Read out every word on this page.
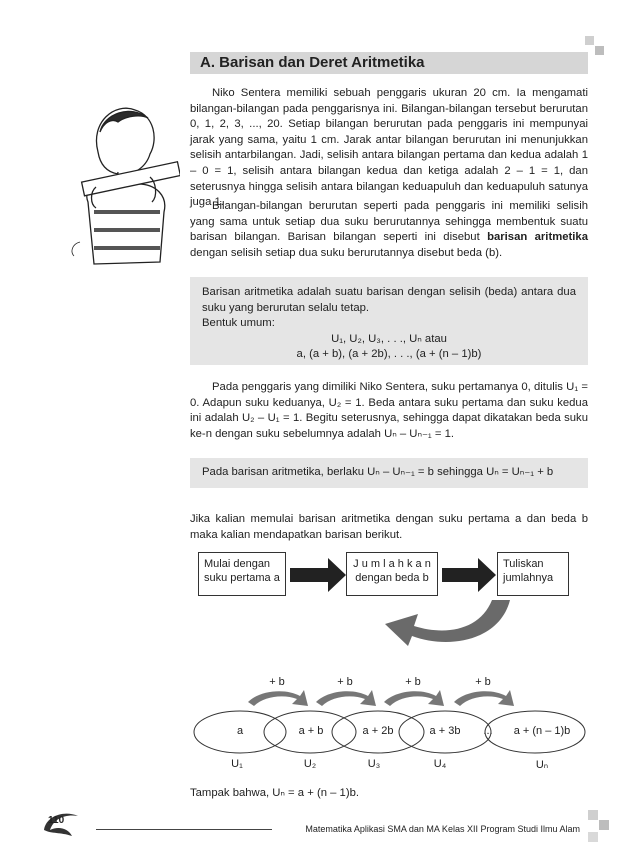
A. Barisan dan Deret Aritmetika
Niko Sentera memiliki sebuah penggaris ukuran 20 cm. Ia mengamati bilangan-bilangan pada penggarisnya ini. Bilangan-bilangan tersebut berurutan 0, 1, 2, 3, ..., 20. Setiap bilangan berurutan pada penggaris ini mempunyai jarak yang sama, yaitu 1 cm. Jarak antar bilangan berurutan ini menunjukkan selisih antarbilangan. Jadi, selisih antara bilangan pertama dan kedua adalah 1 – 0 = 1, selisih antara bilangan kedua dan ketiga adalah 2 – 1 = 1, dan seterusnya hingga selisih antara bilangan keduapuluh dan keduapuluh satunya juga 1.
Bilangan-bilangan berurutan seperti pada penggaris ini memiliki selisih yang sama untuk setiap dua suku berurutannya sehingga membentuk suatu barisan bilangan. Barisan bilangan seperti ini disebut barisan aritmetika dengan selisih setiap dua suku berurutannya disebut beda (b).
Barisan aritmetika adalah suatu barisan dengan selisih (beda) antara dua suku yang berurutan selalu tetap.
Bentuk umum:
U₁, U₂, U₃, . . ., Uₙ atau
a, (a + b), (a + 2b), . . ., (a + (n – 1)b)
Pada penggaris yang dimiliki Niko Sentera, suku pertamanya 0, ditulis U₁ = 0. Adapun suku keduanya, U₂ = 1. Beda antara suku pertama dan suku kedua ini adalah U₂ – U₁ = 1. Begitu seterusnya, sehingga dapat dikatakan beda suku ke-n dengan suku sebelumnya adalah Uₙ – Uₙ₋₁ = 1.
Pada barisan aritmetika, berlaku Uₙ – Uₙ₋₁ = b sehingga Uₙ = Uₙ₋₁ + b
Jika kalian memulai barisan aritmetika dengan suku pertama a dan beda b maka kalian mendapatkan barisan berikut.
Mulai dengan suku pertama a
J u m l a h k a n
dengan beda b
Tuliskan jumlahnya
+ b	+ b	+ b	+ b
a	a + b	a + 2b	a + 3b	...	a + (n – 1)b
U₁	U₂	U₃	U₄	Uₙ
Tampak bahwa, Uₙ = a + (n – 1)b.
110
Matematika Aplikasi SMA dan MA Kelas XII Program Studi Ilmu Alam
